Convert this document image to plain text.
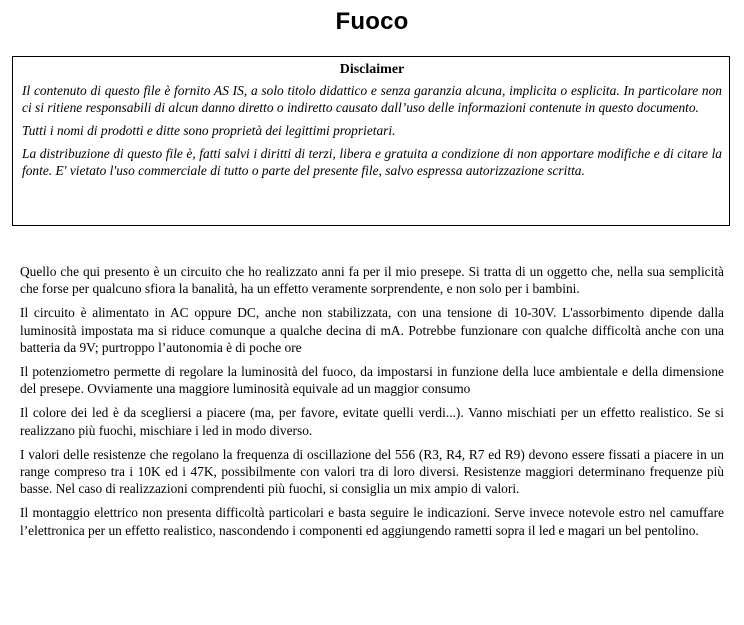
Fuoco
Disclaimer

Il contenuto di questo file è fornito AS IS, a solo titolo didattico e senza garanzia alcuna, implicita o esplicita. In particolare non ci si ritiene responsabili di alcun danno diretto o indiretto causato dall’uso delle informazioni contenute in questo documento.

Tutti i nomi di prodotti e ditte sono proprietà dei legittimi proprietari.

La distribuzione di questo file è, fatti salvi i diritti di terzi, libera e gratuita a condizione di non apportare modifiche e di citare la fonte. E' vietato l'uso commerciale di tutto o parte del presente file, salvo espressa autorizzazione scritta.

Quello che qui presento è un circuito che ho realizzato anni fa per il mio presepe. Si tratta di un oggetto che, nella sua semplicità che forse per qualcuno sfiora la banalità, ha un effetto veramente sorprendente, e non solo per i bambini.

Il circuito è alimentato in AC oppure DC, anche non stabilizzata, con una tensione di 10-30V. L'assorbimento dipende dalla luminosità impostata ma si riduce comunque a qualche decina di mA. Potrebbe funzionare con qualche difficoltà anche con una batteria da 9V; purtroppo l’autonomia è di poche ore

Il potenziometro permette di regolare la luminosità del fuoco, da impostarsi in funzione della luce ambientale e della dimensione del presepe. Ovviamente una maggiore luminosità equivale ad un maggior consumo

Il colore dei led è da scegliersi a piacere (ma, per favore, evitate quelli verdi...). Vanno mischiati per un effetto realistico. Se si realizzano più fuochi, mischiare i led in modo diverso.

I valori delle resistenze che regolano la frequenza di oscillazione del 556 (R3, R4, R7 ed R9) devono essere fissati a piacere in un range compreso tra i 10K ed i 47K, possibilmente con valori tra di loro diversi. Resistenze maggiori determinano frequenze più basse. Nel caso di realizzazioni comprendenti più fuochi, si consiglia un mix ampio di valori.

Il montaggio elettrico non presenta difficoltà particolari e basta seguire le indicazioni. Serve invece notevole estro nel camuffare l’elettronica per un effetto realistico, nascondendo i componenti ed aggiungendo rametti sopra il led e magari un bel pentolino.
